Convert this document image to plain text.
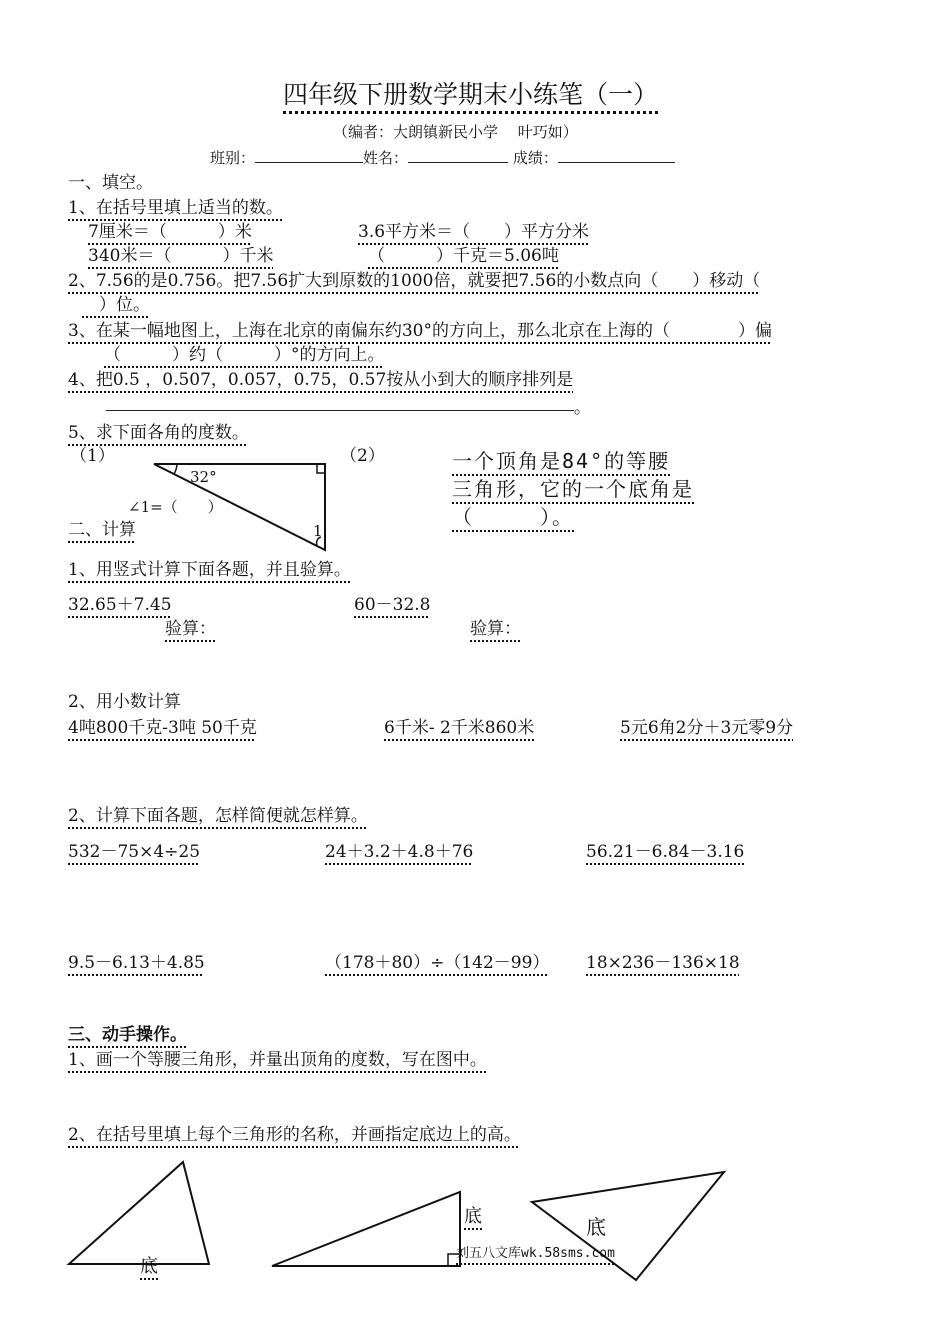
四年级下册数学期末小练笔（一）
（编者：大朗镇新民小学　 叶巧如）
班别：	姓名：	成绩：
一、填空。
1、在括号里填上适当的数。
7厘米＝（　　　）米	3.6平方米＝（　　）平方分米
340米＝（　　　）千米	（　　　）千克＝5.06吨
2、7.56的是0.756。把7.56扩大到原数的1000倍，就要把7.56的小数点向（　　）移动（
　）位。
3、在某一幅地图上，上海在北京的南偏东约30°的方向上，那么北京在上海的（　　　　）偏
（　　　）约（　　　）°的方向上。
4、把0.5 ，0.507，0.057，0.75，0.57按从小到大的顺序排列是
。
5、求下面各角的度数。
（1）	（2）
32°
∠1=（　　）
1
一个顶角是84°的等腰
三角形，它的一个底角是
（　　　）。
二、计算
1、用竖式计算下面各题，并且验算。
32.65＋7.45	60－32.8
验算：	验算：
2、用小数计算
4吨800千克-3吨 50千克	6千米- 2千米860米	5元6角2分＋3元零9分
2、计算下面各题，怎样简便就怎样算。
532－75×4÷25	24＋3.2＋4.8＋76	56.21－6.84－3.16
9.5－6.13＋4.85	（178＋80）÷（142－99） 18×236－136×18
三、动手操作。
1、画一个等腰三角形，并量出顶角的度数，写在图中。
2、在括号里填上每个三角形的名称，并画指定底边上的高。
底
底	底
刘五八文库wk.58sms.com
